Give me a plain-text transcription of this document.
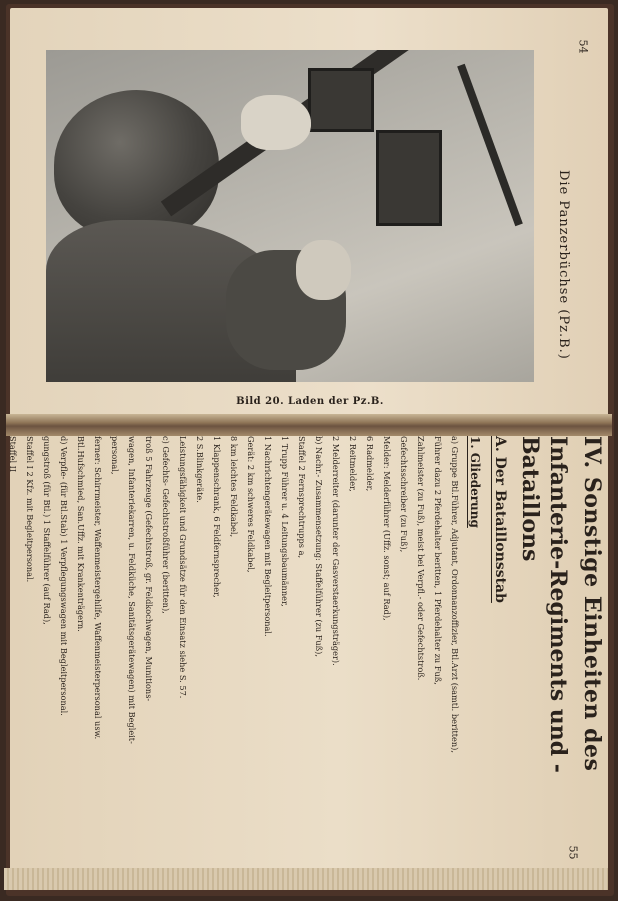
Bild 20. Laden der Pz.B.
54
Die Panzerbüchse (Pz.B.)
IV. Sonstige Einheiten des
Infanterie-Regiments und -Bataillons
A. Der Bataillonsstab
1. Gliederung
a) Gruppe Btl.Führer, Adjutant, Ordonnanzoffizier, Btl.Arzt (samtl. beritten),
Führer dazu 2 Pferdehalter beritten, 1 Pferdehalter zu Fuß,
Zahlmeister (zu Fuß), meist bei Verpfl.- oder Gefechtstroß.
Gefechtsschreiber (zu Fuß),
Melder: Melderführer (Uffz. sonst; auf Rad),
6 Radmelder,
2 Reitmelder,
2 Melderreiter (darunter der Gasverstaerkungsträger).
b) Nachr.- Zusammensetzung: Staffelführer (zu Fuß),
Staffel 2 Fernsprechtrupps a,
1 Trupp Führer u. 4 Leitungsbaumänner,
1 Nachrichtengerätewagen mit Begleitpersonal.
Gerät: 2 km schweres Feldkabel,
8 km leichtes Feldkabel,
1 Klappenschrank, 6 Feldfernsprecher,
2 S.Blinkgeräte.
Leistungsfähigkeit und Grundsätze für den Einsatz siehe S. 57.
c) Gefechts- Gefechtstroßführer (beritten),
troß 5 Fahrzeuge (Gefechtstroß, gr. Feldkochwagen, Munitions-
wagen, Infanteriekarren, u. Feldküche, Sanitätsgerätewagen) mit Begleit-
personal,
ferner: Schirrmeister, Waffenmeistergehilfe, Waffenmeisterpersonal usw.
Btl.Hufschmied, San.Uffz. mit Krankenträgern.
d) Verpfle- (für Btl.Stab) 1 Verpflegungswagen mit Begleitpersonal.
gungstroß (für Btl.) 1 Staffelführer (auf Rad),
Staffel I 2 Kfz. mit Begleitpersonal.
Staffel II
55
